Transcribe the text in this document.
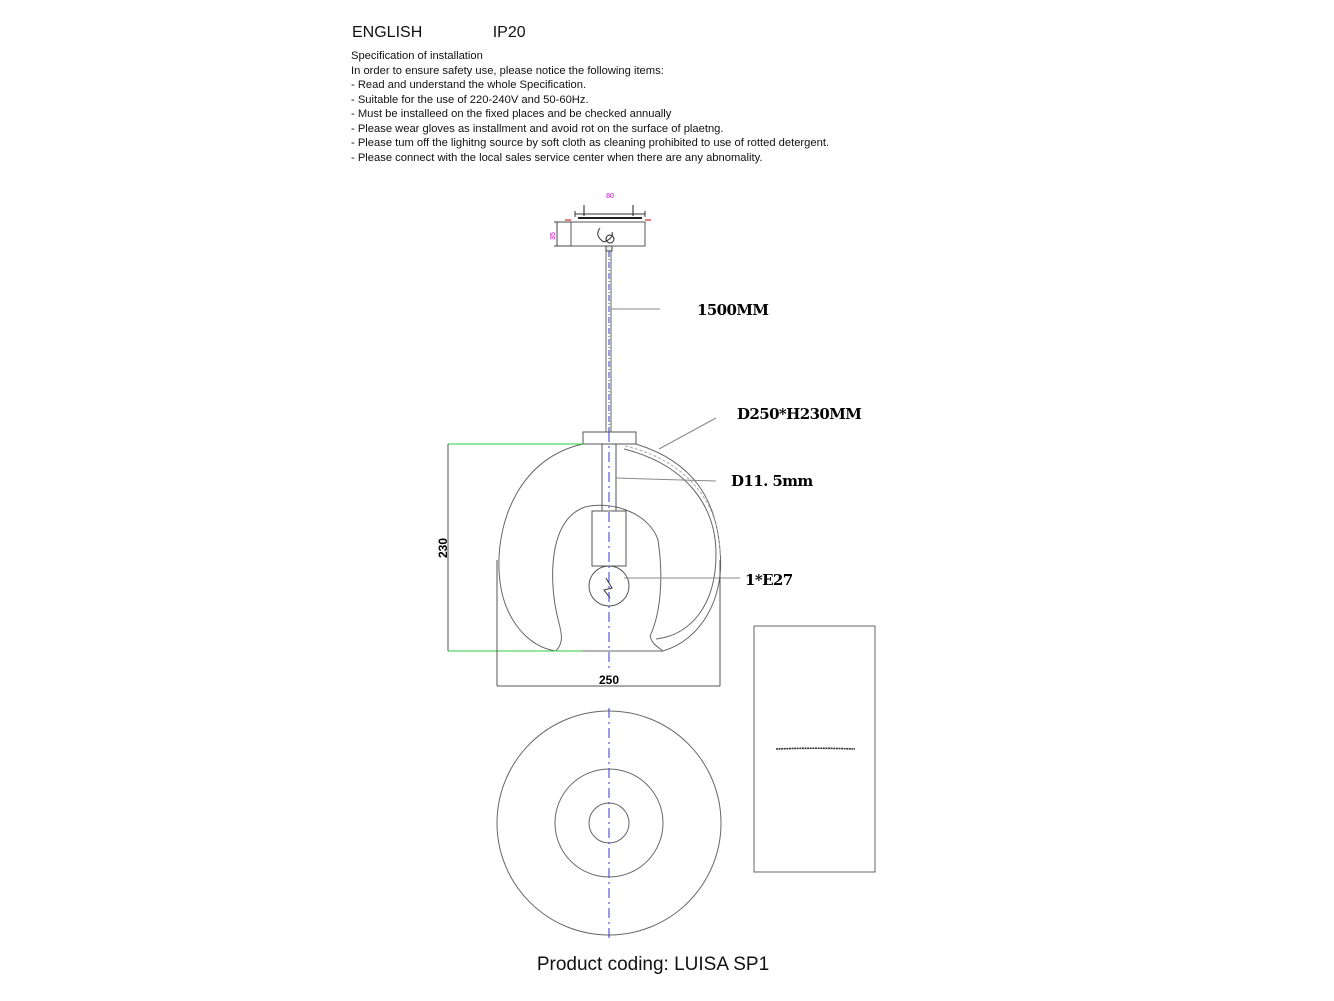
ENGLISH	IP20
Specification of installation
In order to ensure safety use, please notice the following items:
- Read and understand the whole Specification.
- Suitable for the use of 220-240V and 50-60Hz.
- Must be installeed on the fixed places and be checked annually
- Please wear gloves as installment and avoid rot on the surface of plaetng.
- Please tum off the lighitng source by soft cloth as cleaning prohibited to use of rotted detergent.
- Please connect with the local sales service center when there are any abnomality.
80
35
1500MM
D250*H230MM
D11. 5mm
1*E27
230
250
Product coding: LUISA SP1
